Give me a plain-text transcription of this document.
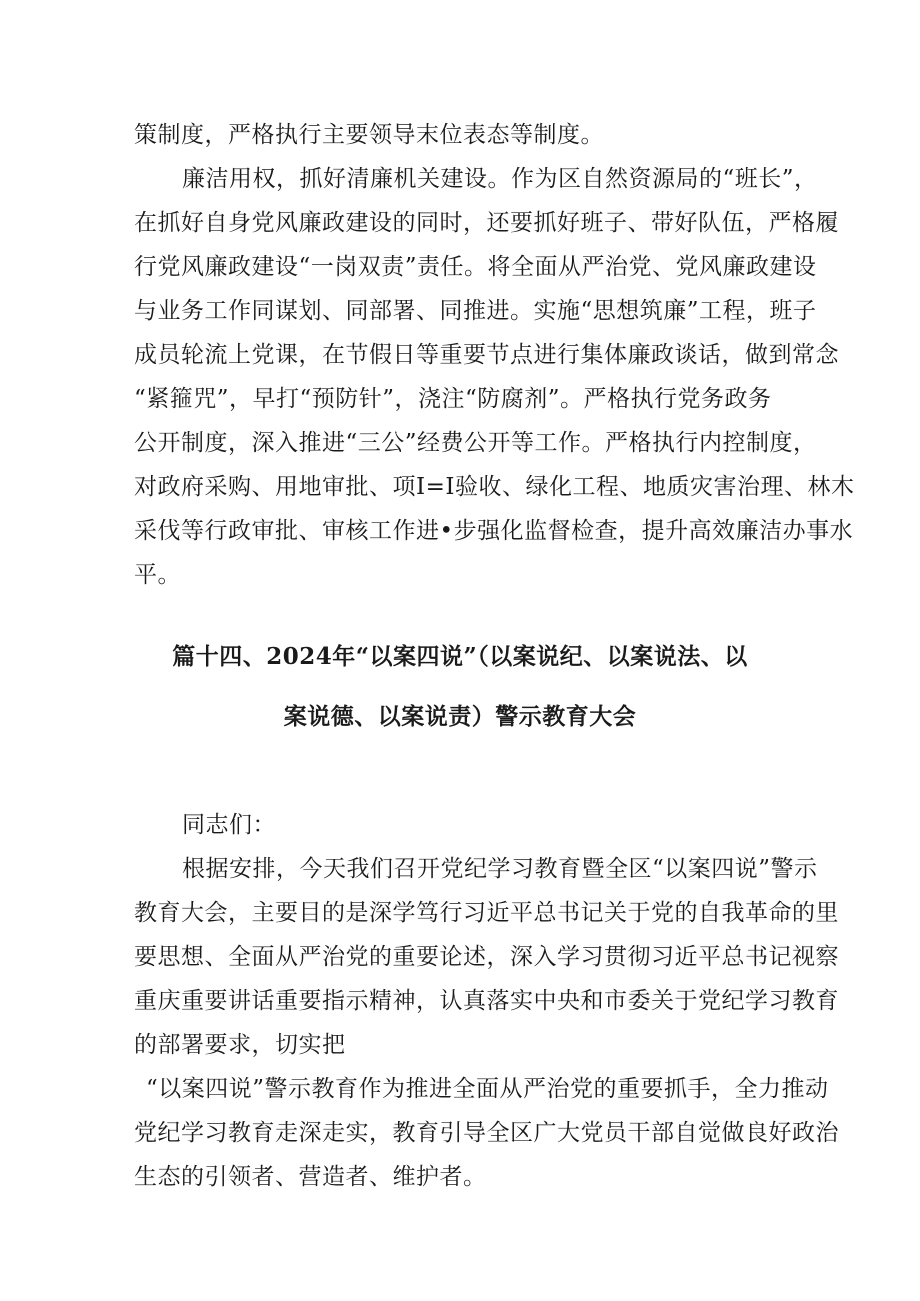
策制度，严格执行主要领导末位表态等制度。
廉洁用权，抓好清廉机关建设。作为区自然资源局的“班长”，
在抓好自身党风廉政建设的同时，还要抓好班子、带好队伍，严格履
行党风廉政建设“一岗双责”责任。将全面从严治党、党风廉政建设
与业务工作同谋划、同部署、同推进。实施“思想筑廉”工程，班子
成员轮流上党课，在节假日等重要节点进行集体廉政谈话，做到常念
“紧箍咒”，早打“预防针”，浇注“防腐剂”。严格执行党务政务
公开制度，深入推进“三公”经费公开等工作。严格执行内控制度，
对政府采购、用地审批、项I=I验收、绿化工程、地质灾害治理、林木
采伐等行政审批、审核工作进•步强化监督检查，提升高效廉洁办事水
平。
篇十四、2024年“以案四说”（以案说纪、以案说法、以
案说德、以案说责）警示教育大会
同志们：
根据安排，今天我们召开党纪学习教育暨全区“以案四说”警示
教育大会，主要目的是深学笃行习近平总书记关于党的自我革命的里
要思想、全面从严治党的重要论述，深入学习贯彻习近平总书记视察
重庆重要讲话重要指示精神，认真落实中央和市委关于党纪学习教育
的部署要求，切实把
“以案四说”警示教育作为推进全面从严治党的重要抓手，全力推动
党纪学习教育走深走实，教育引导全区广大党员干部自觉做良好政治
生态的引领者、营造者、维护者。
